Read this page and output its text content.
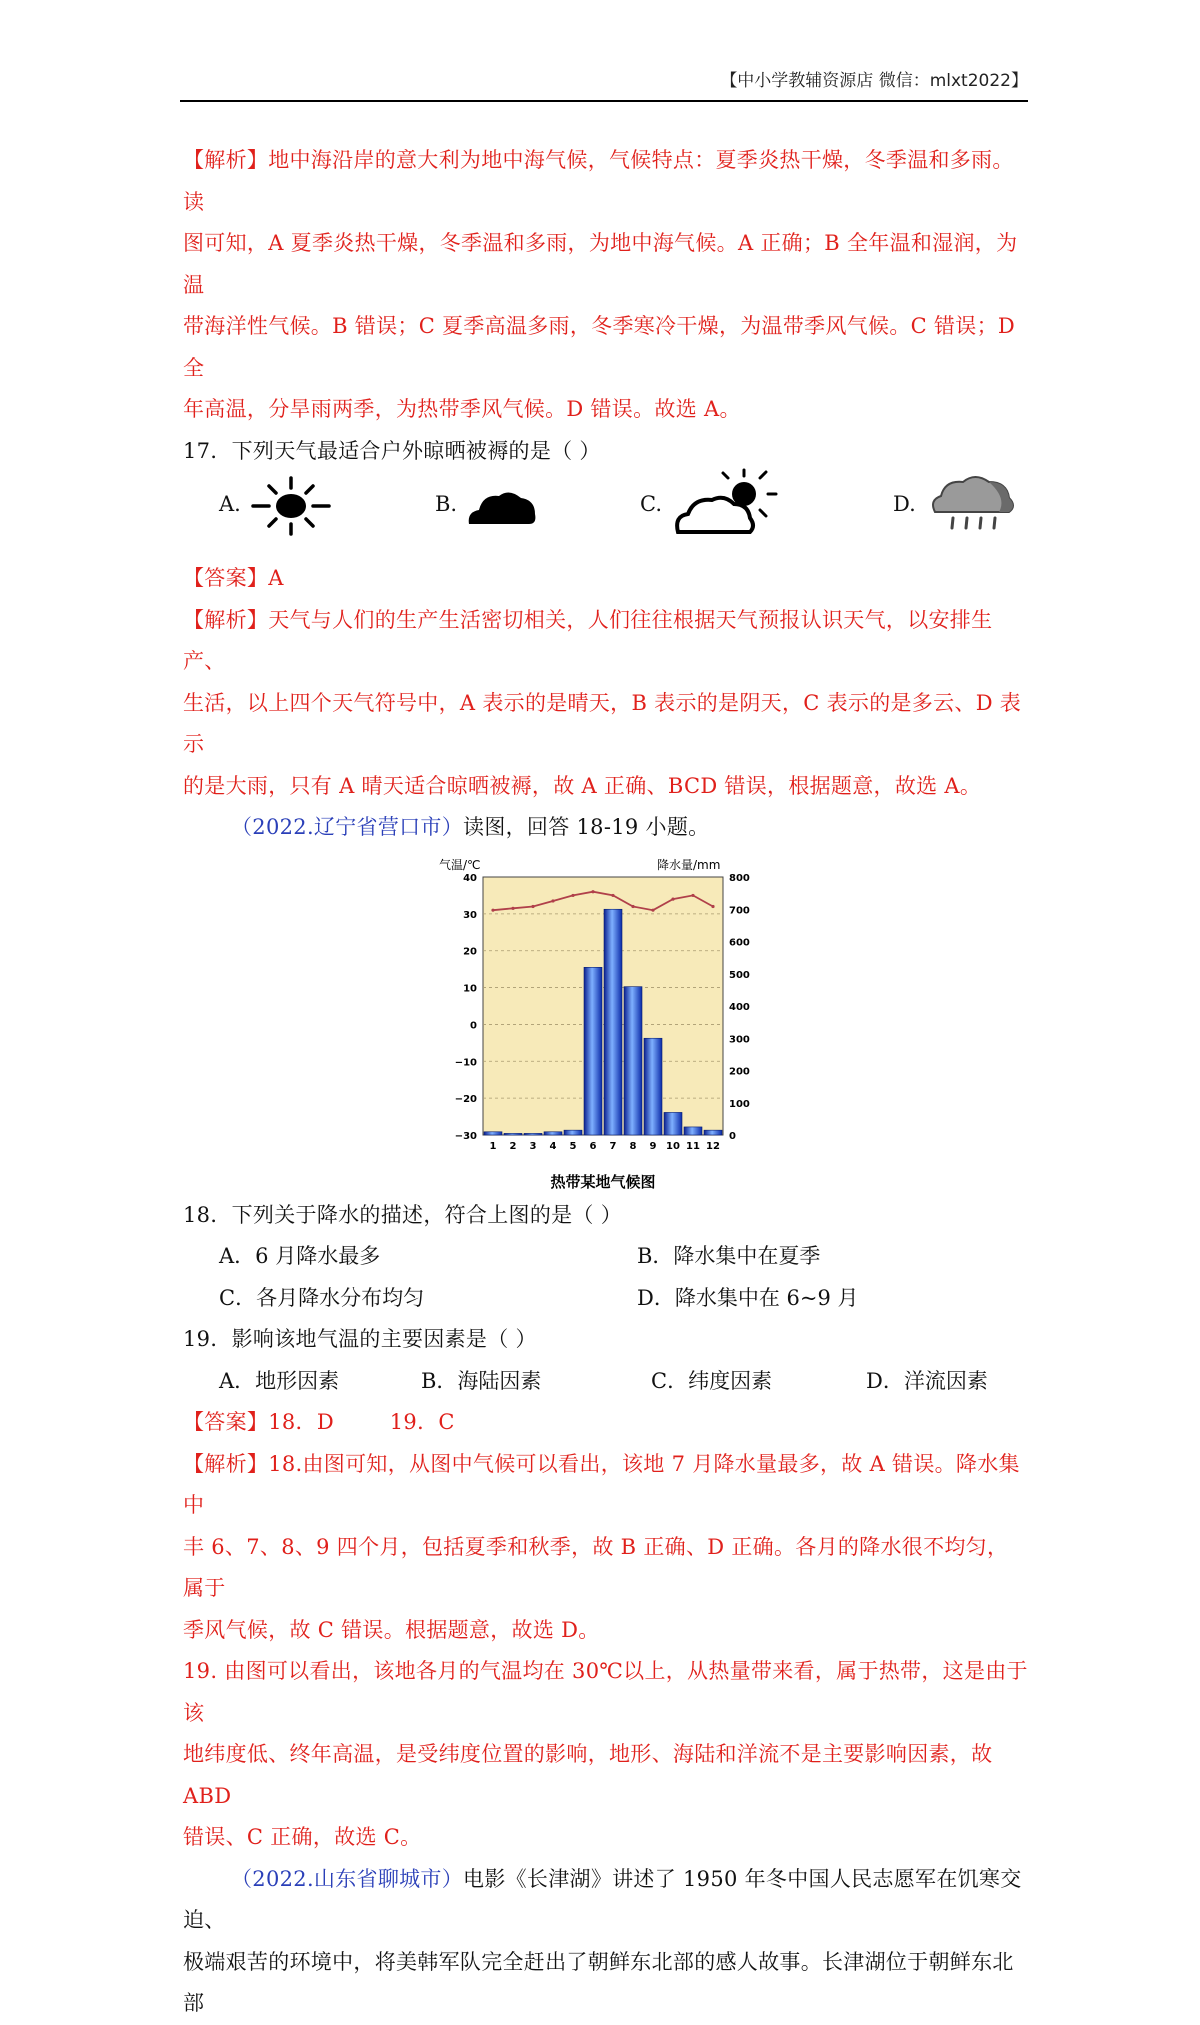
【中小学教辅资源店 微信：mlxt2022】

【解析】地中海沿岸的意大利为地中海气候，气候特点：夏季炎热干燥，冬季温和多雨。读

图可知，A 夏季炎热干燥，冬季温和多雨，为地中海气候。A 正确；B 全年温和湿润，为温

带海洋性气候。B 错误；C 夏季高温多雨，冬季寒冷干燥，为温带季风气候。C 错误；D 全

年高温，分旱雨两季，为热带季风气候。D 错误。故选 A。

17．下列天气最适合户外晾晒被褥的是（ ）

A.	B.	C.	D.

【答案】A

【解析】天气与人们的生产生活密切相关，人们往往根据天气预报认识天气，以安排生产、

生活，以上四个天气符号中，A 表示的是晴天，B 表示的是阴天，C 表示的是多云、D 表示

的是大雨，只有 A 晴天适合晾晒被褥，故 A 正确、BCD 错误，根据题意，故选 A。

（2022.辽宁省营口市）读图，回答 18-19 小题。

40
30
20
10
0
−10
−20
−30
800
700
600
500
400
300
200
100
0
1 2 3 4 5 6 7 8 9 10 11 12
气温/℃	降水量/mm
热带某地气候图

18．下列关于降水的描述，符合上图的是（ ）

A．6 月降水最多	B．降水集中在夏季
C．各月降水分布均匀	D．降水集中在 6~9 月

19．影响该地气温的主要因素是（ ）

A．地形因素	B．海陆因素	C．纬度因素	D．洋流因素

【答案】18．D        19．C

【解析】18.由图可知，从图中气候可以看出，该地 7 月降水量最多，故 A 错误。降水集中

丰 6、7、8、9 四个月，包括夏季和秋季，故 B 正确、D 正确。各月的降水很不均匀，属于

季风气候，故 C 错误。根据题意，故选 D。

19. 由图可以看出，该地各月的气温均在 30℃以上，从热量带来看，属于热带，这是由于该

地纬度低、终年高温，是受纬度位置的影响，地形、海陆和洋流不是主要影响因素，故 ABD

错误、C 正确，故选 C。

（2022.山东省聊城市）电影《长津湖》讲述了 1950 年冬中国人民志愿军在饥寒交迫、

极端艰苦的环境中，将美韩军队完全赶出了朝鲜东北部的感人故事。长津湖位于朝鲜东北部
